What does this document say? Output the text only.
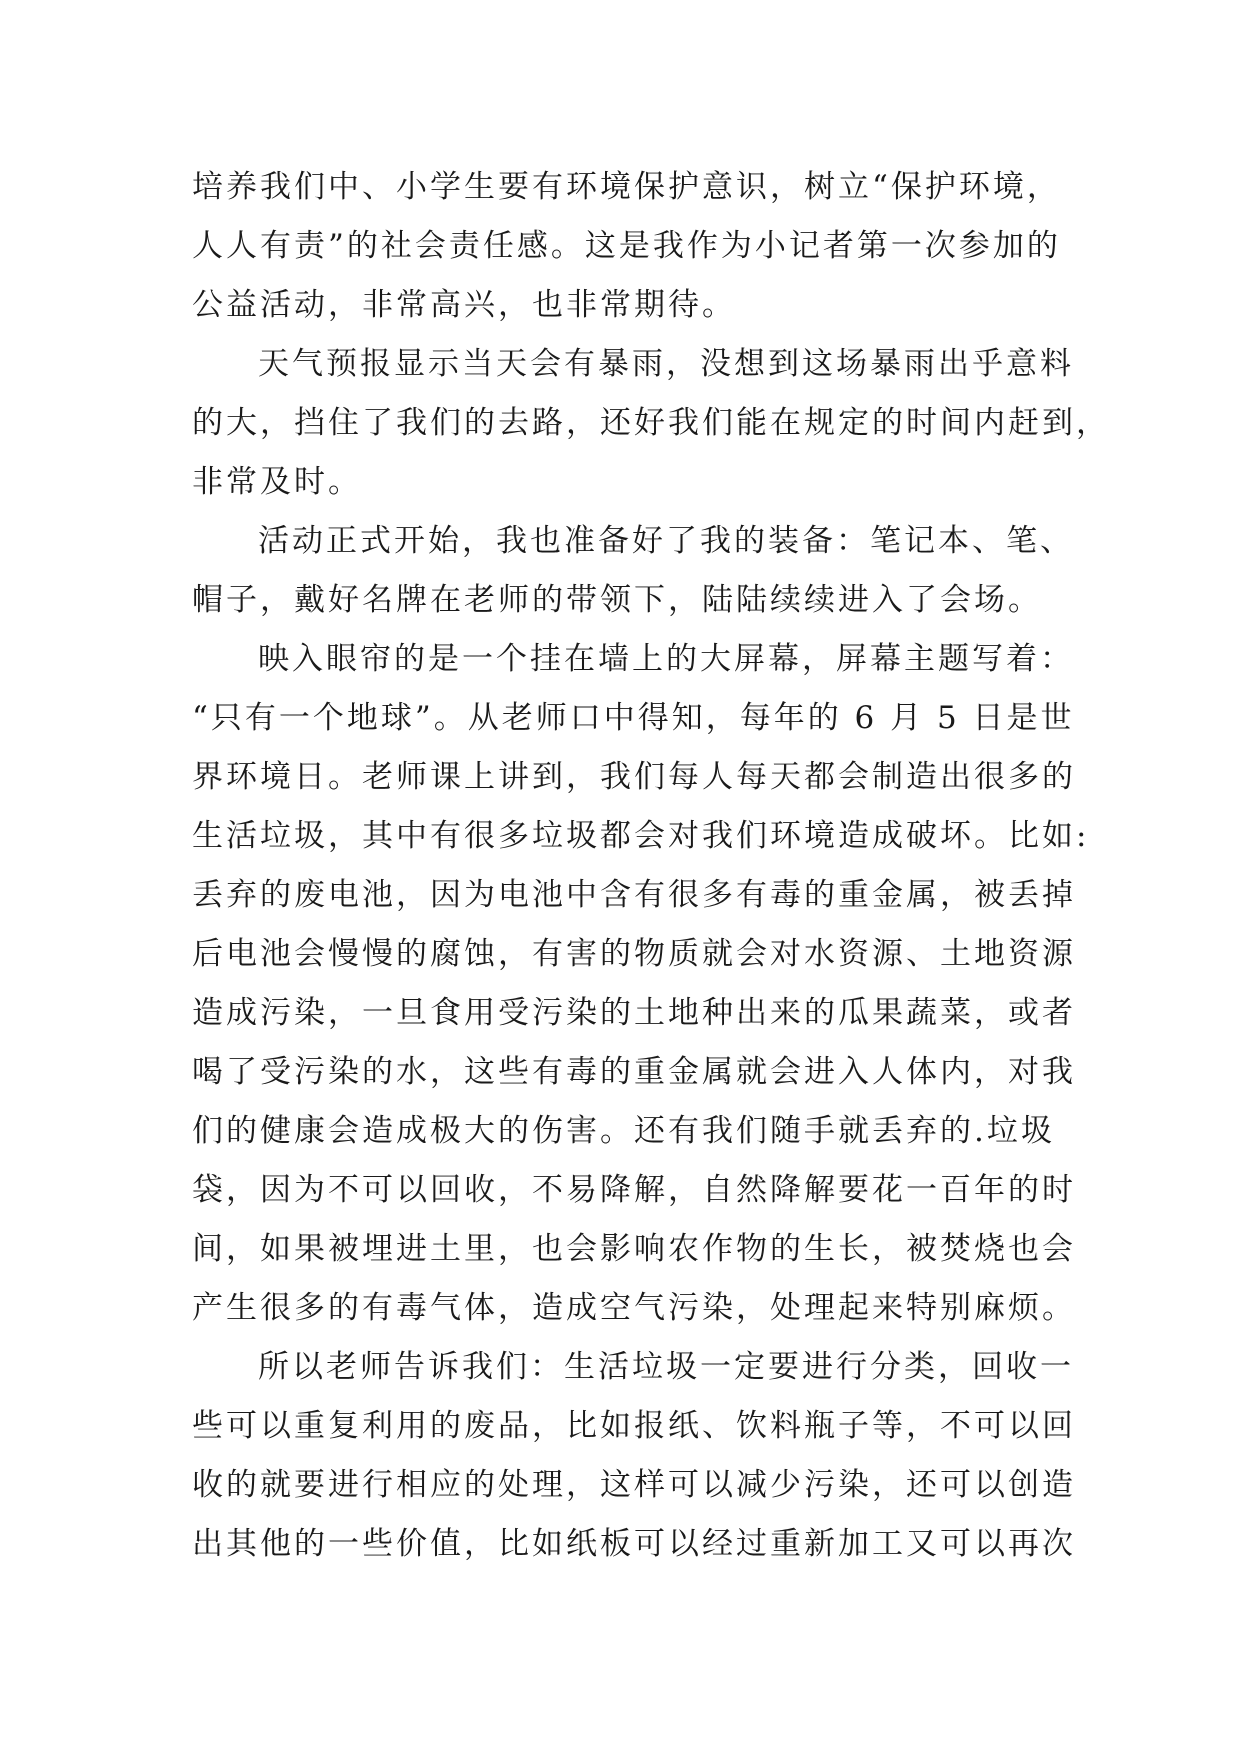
培养我们中、小学生要有环境保护意识，树立“保护环境，
人人有责”的社会责任感。这是我作为小记者第一次参加的
公益活动，非常高兴，也非常期待。
天气预报显示当天会有暴雨，没想到这场暴雨出乎意料
的大，挡住了我们的去路，还好我们能在规定的时间内赶到，
非常及时。
活动正式开始，我也准备好了我的装备：笔记本、笔、
帽子，戴好名牌在老师的带领下，陆陆续续进入了会场。
映入眼帘的是一个挂在墙上的大屏幕，屏幕主题写着：
“只有一个地球”。从老师口中得知，每年的 6 月 5 日是世
界环境日。老师课上讲到，我们每人每天都会制造出很多的
生活垃圾，其中有很多垃圾都会对我们环境造成破坏。比如:
丢弃的废电池，因为电池中含有很多有毒的重金属，被丢掉
后电池会慢慢的腐蚀，有害的物质就会对水资源、土地资源
造成污染，一旦食用受污染的土地种出来的瓜果蔬菜，或者
喝了受污染的水，这些有毒的重金属就会进入人体内，对我
们的健康会造成极大的伤害。还有我们随手就丢弃的.垃圾
袋，因为不可以回收，不易降解，自然降解要花一百年的时
间，如果被埋进土里，也会影响农作物的生长，被焚烧也会
产生很多的有毒气体，造成空气污染，处理起来特别麻烦。
所以老师告诉我们：生活垃圾一定要进行分类，回收一
些可以重复利用的废品，比如报纸、饮料瓶子等，不可以回
收的就要进行相应的处理，这样可以减少污染，还可以创造
出其他的一些价值，比如纸板可以经过重新加工又可以再次
